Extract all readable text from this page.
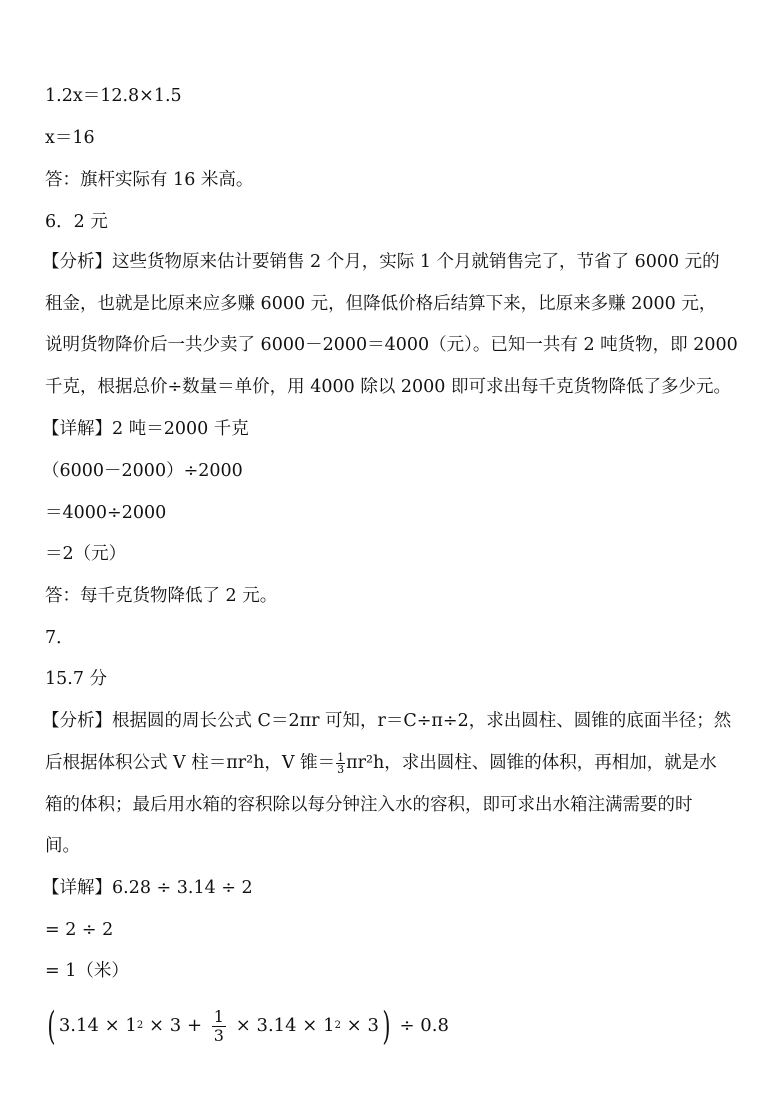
1.2x＝12.8×1.5
x＝16
答：旗杆实际有 16 米高。
6．2 元
【分析】这些货物原来估计要销售 2 个月，实际 1 个月就销售完了，节省了 6000 元的
租金，也就是比原来应多赚 6000 元，但降低价格后结算下来，比原来多赚 2000 元，
说明货物降价后一共少卖了 6000－2000＝4000（元）。已知一共有 2 吨货物，即 2000
千克，根据总价÷数量＝单价，用 4000 除以 2000 即可求出每千克货物降低了多少元。
【详解】2 吨＝2000 千克
（6000－2000）÷2000
＝4000÷2000
＝2（元）
答：每千克货物降低了 2 元。
7．
15.7 分
【分析】根据圆的周长公式 C＝2πr 可知，r＝C÷π÷2，求出圆柱、圆锥的底面半径；然
后根据体积公式 V 柱＝πr²h，V 锥＝ $\frac{1}{3} \pi r^2h$，求出圆柱、圆锥的体积，再相加，就是水
箱的体积；最后用水箱的容积除以每分钟注入水的容积，即可求出水箱注满需要的时
间。
【详解】6.28 ÷ 3.14 ÷ 2
= 2 ÷ 2
= 1（米）
( 3.14 × 1 $2 \times 3 + \frac{1}{3} \times 3.14 \times 1$ 2 × 3 ) ÷ 0.8
